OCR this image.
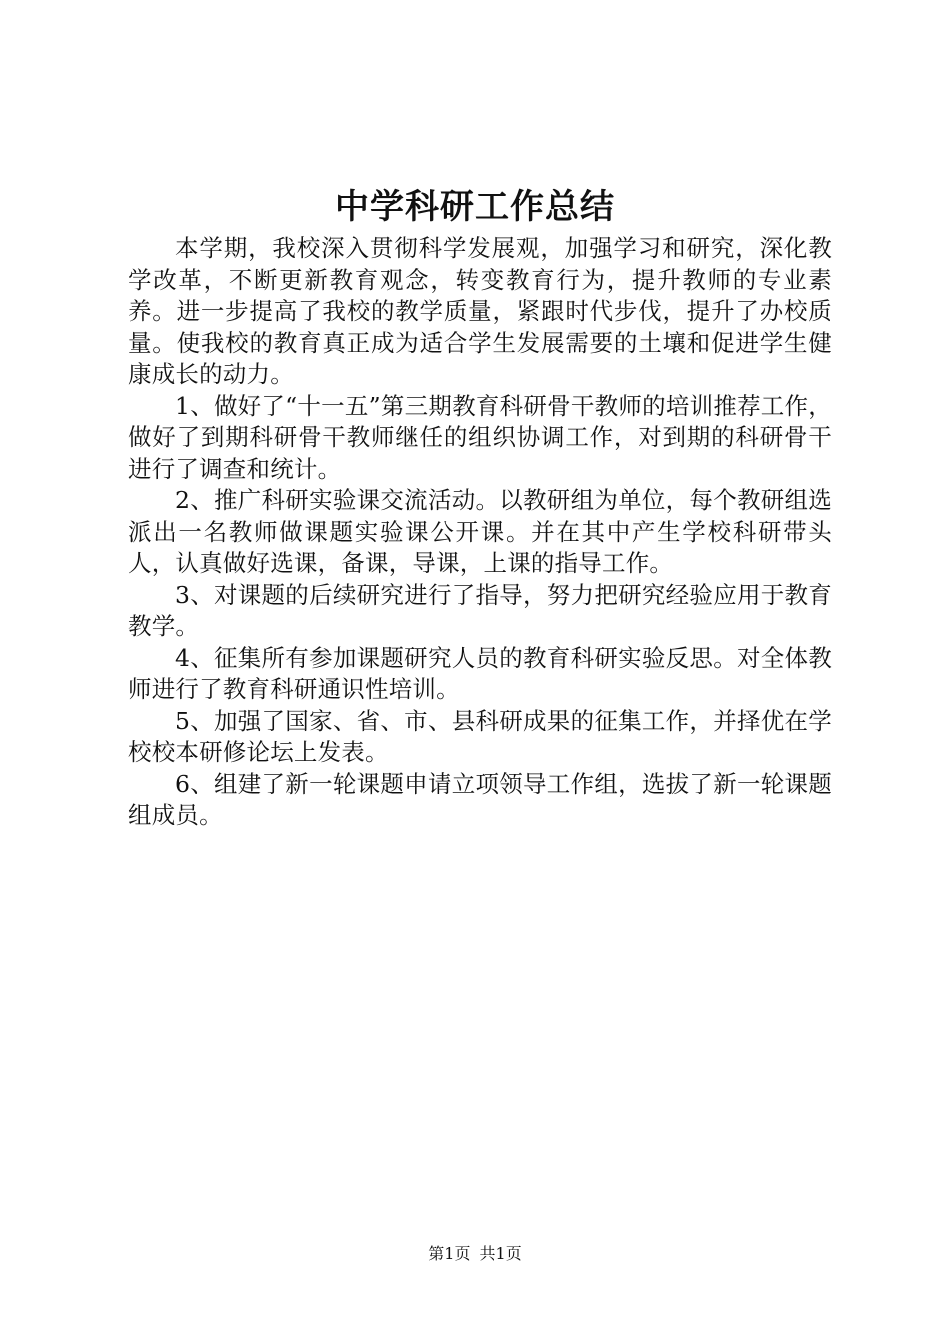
中学科研工作总结

本学期，我校深入贯彻科学发展观，加强学习和研究，深化教学改革，不断更新教育观念，转变教育行为，提升教师的专业素养。进一步提高了我校的教学质量，紧跟时代步伐，提升了办校质量。使我校的教育真正成为适合学生发展需要的土壤和促进学生健康成长的动力。

1、做好了“十一五”第三期教育科研骨干教师的培训推荐工作，做好了到期科研骨干教师继任的组织协调工作，对到期的科研骨干进行了调查和统计。

2、推广科研实验课交流活动。以教研组为单位，每个教研组选派出一名教师做课题实验课公开课。并在其中产生学校科研带头人，认真做好选课，备课，导课，上课的指导工作。

3、对课题的后续研究进行了指导，努力把研究经验应用于教育教学。

4、征集所有参加课题研究人员的教育科研实验反思。对全体教师进行了教育科研通识性培训。

5、加强了国家、省、市、县科研成果的征集工作，并择优在学校校本研修论坛上发表。

6、组建了新一轮课题申请立项领导工作组，选拔了新一轮课题组成员。

第1页 共1页
